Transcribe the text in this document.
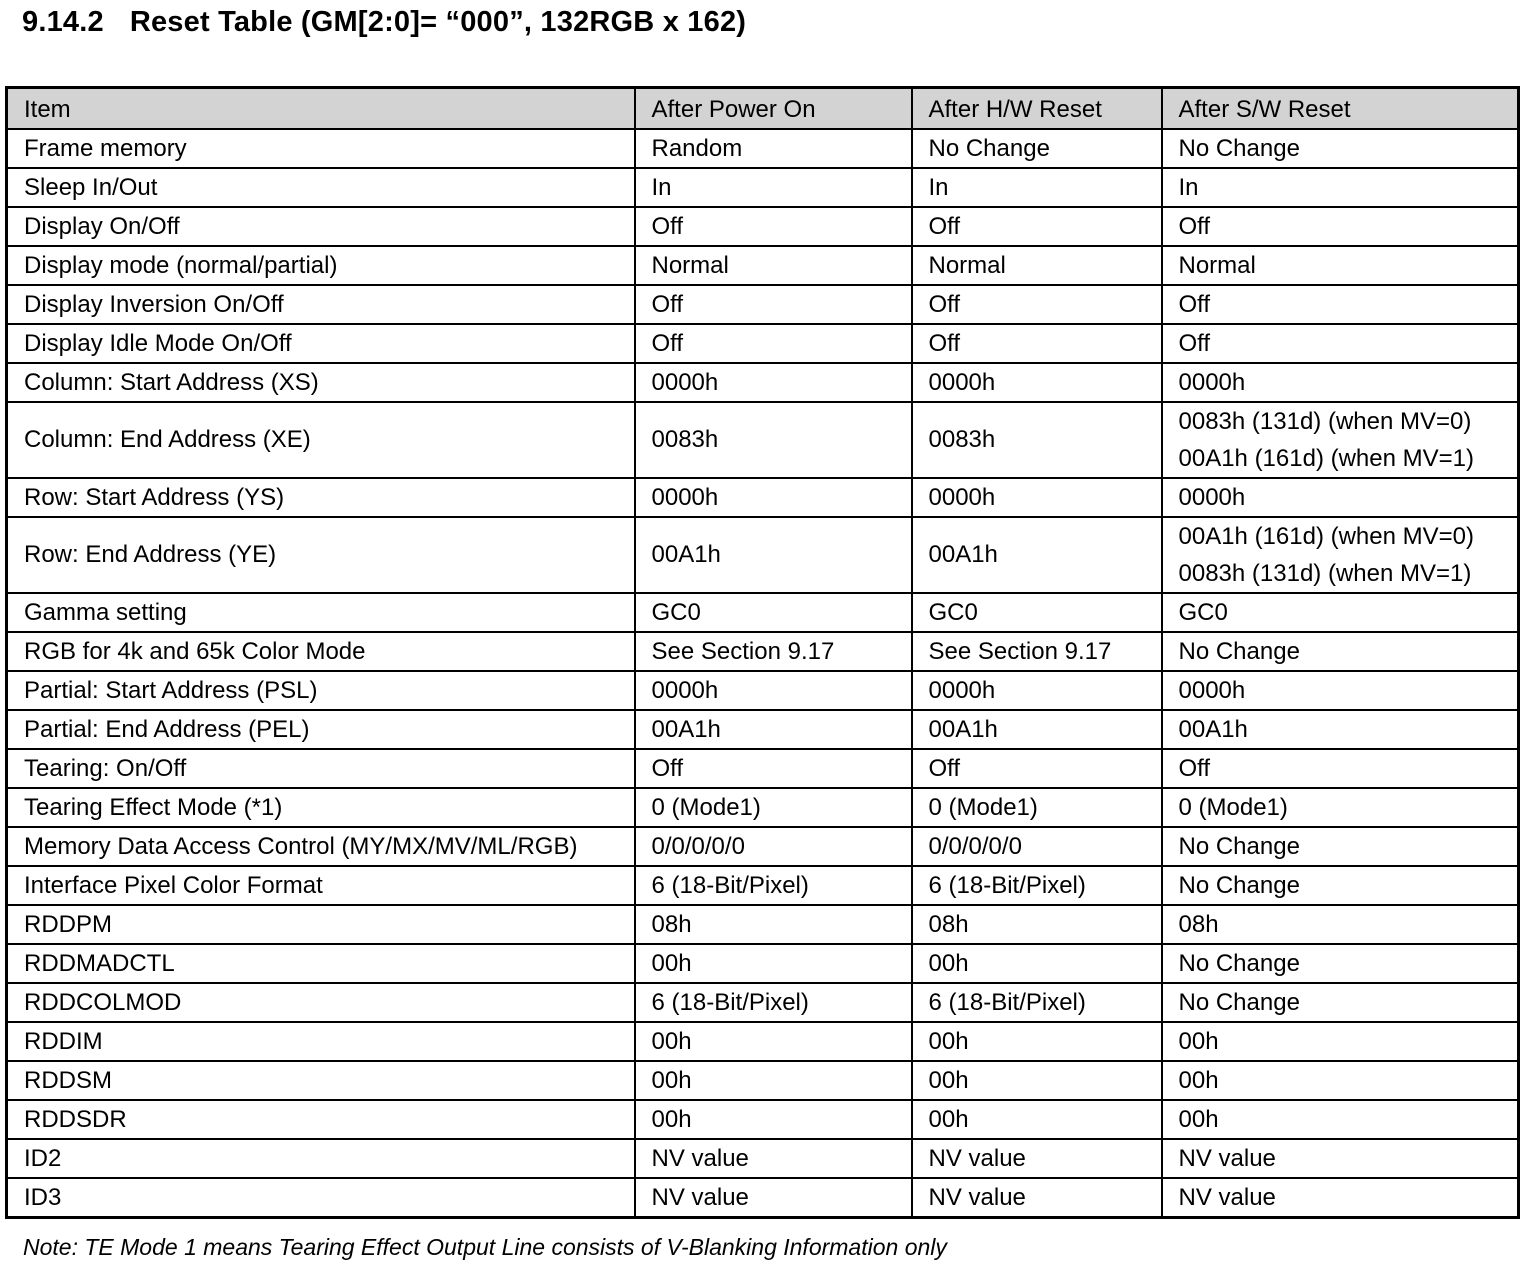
9.14.2 Reset Table (GM[2:0]= “000”, 132RGB x 162)
Item	After Power On	After H/W Reset	After S/W Reset
Frame memory	Random	No Change	No Change

Sleep In/Out	In	In	In

Display On/Off	Off	Off	Off

Display mode (normal/partial)	Normal	Normal	Normal

Display Inversion On/Off	Off	Off	Off

Display Idle Mode On/Off	Off	Off	Off

Column: Start Address (XS)	0000h	0000h	0000h

Column: End Address (XE)	0083h	0083h	0083h (131d) (when MV=0)
00A1h (161d) (when MV=1)

Row: Start Address (YS)	0000h	0000h	0000h

Row: End Address (YE)	00A1h	00A1h	00A1h (161d) (when MV=0)
0083h (131d) (when MV=1)

Gamma setting	GC0	GC0	GC0

RGB for 4k and 65k Color Mode	See Section 9.17	See Section 9.17	No Change

Partial: Start Address (PSL)	0000h	0000h	0000h

Partial: End Address (PEL)	00A1h	00A1h	00A1h

Tearing: On/Off	Off	Off	Off

Tearing Effect Mode (*1)	0 (Mode1)	0 (Mode1)	0 (Mode1)

Memory Data Access Control (MY/MX/MV/ML/RGB)	0/0/0/0/0	0/0/0/0/0	No Change

Interface Pixel Color Format	6 (18-Bit/Pixel)	6 (18-Bit/Pixel)	No Change

RDDPM	08h	08h	08h

RDDMADCTL	00h	00h	No Change

RDDCOLMOD	6 (18-Bit/Pixel)	6 (18-Bit/Pixel)	No Change

RDDIM	00h	00h	00h

RDDSM	00h	00h	00h

RDDSDR	00h	00h	00h

ID2	NV value	NV value	NV value

ID3	NV value	NV value	NV value

Note: TE Mode 1 means Tearing Effect Output Line consists of V-Blanking Information only
